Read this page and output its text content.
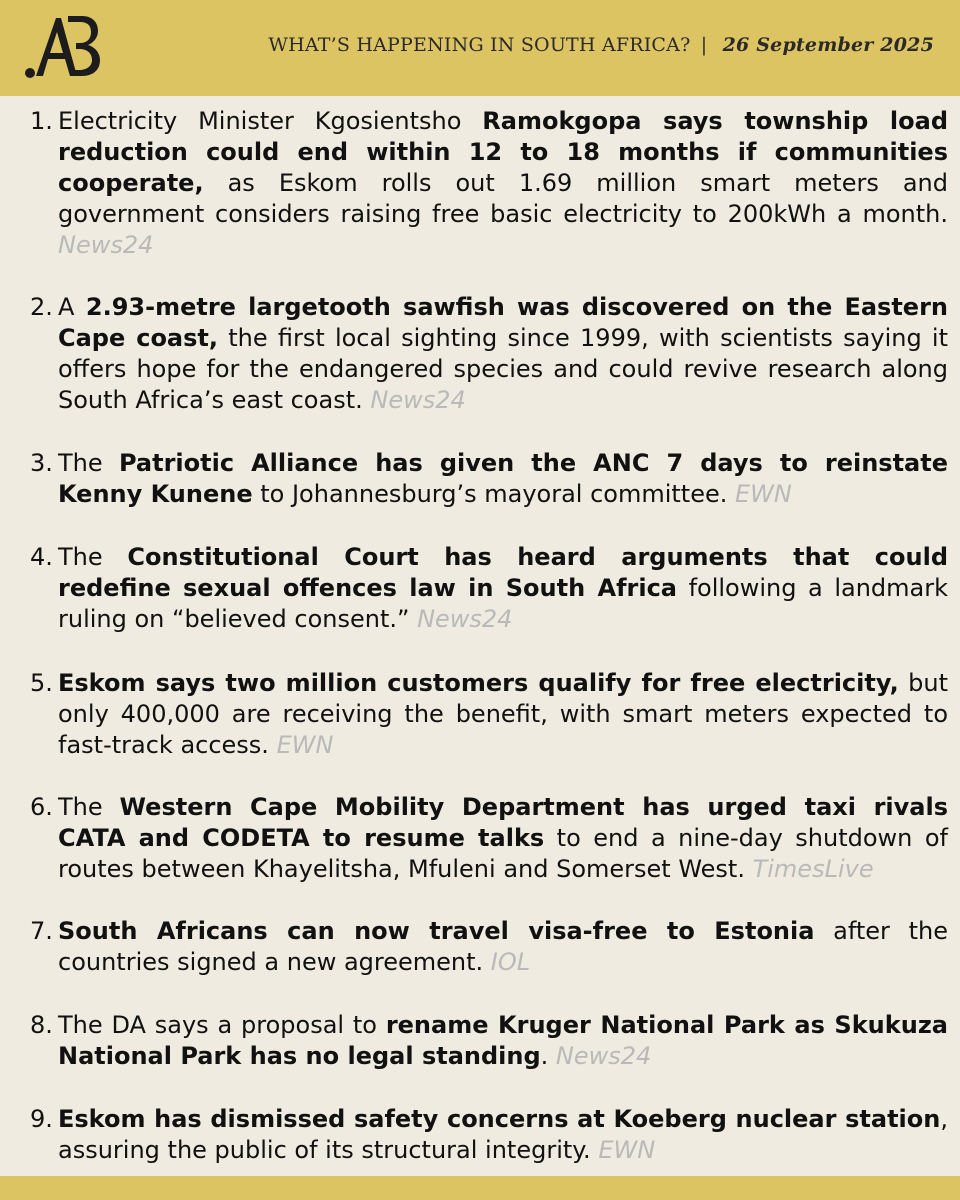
WHAT’S HAPPENING IN SOUTH AFRICA? | 26 September 2025
1. Electricity Minister Kgosientsho Ramokgopa says township load reduction could end within 12 to 18 months if communities cooperate, as Eskom rolls out 1.69 million smart meters and government considers raising free basic electricity to 200kWh a month. News24
2. A 2.93-metre largetooth sawfish was discovered on the Eastern Cape coast, the first local sighting since 1999, with scientists saying it offers hope for the endangered species and could revive research along South Africa’s east coast. News24
3. The Patriotic Alliance has given the ANC 7 days to reinstate Kenny Kunene to Johannesburg’s mayoral committee. EWN
4. The Constitutional Court has heard arguments that could redefine sexual offences law in South Africa following a landmark ruling on “believed consent.” News24
5. Eskom says two million customers qualify for free electricity, but only 400,000 are receiving the benefit, with smart meters expected to fast-track access. EWN
6. The Western Cape Mobility Department has urged taxi rivals CATA and CODETA to resume talks to end a nine-day shutdown of routes between Khayelitsha, Mfuleni and Somerset West. TimesLive
7. South Africans can now travel visa-free to Estonia after the countries signed a new agreement. IOL
8. The DA says a proposal to rename Kruger National Park as Skukuza National Park has no legal standing. News24
9. Eskom has dismissed safety concerns at Koeberg nuclear station, assuring the public of its structural integrity. EWN
